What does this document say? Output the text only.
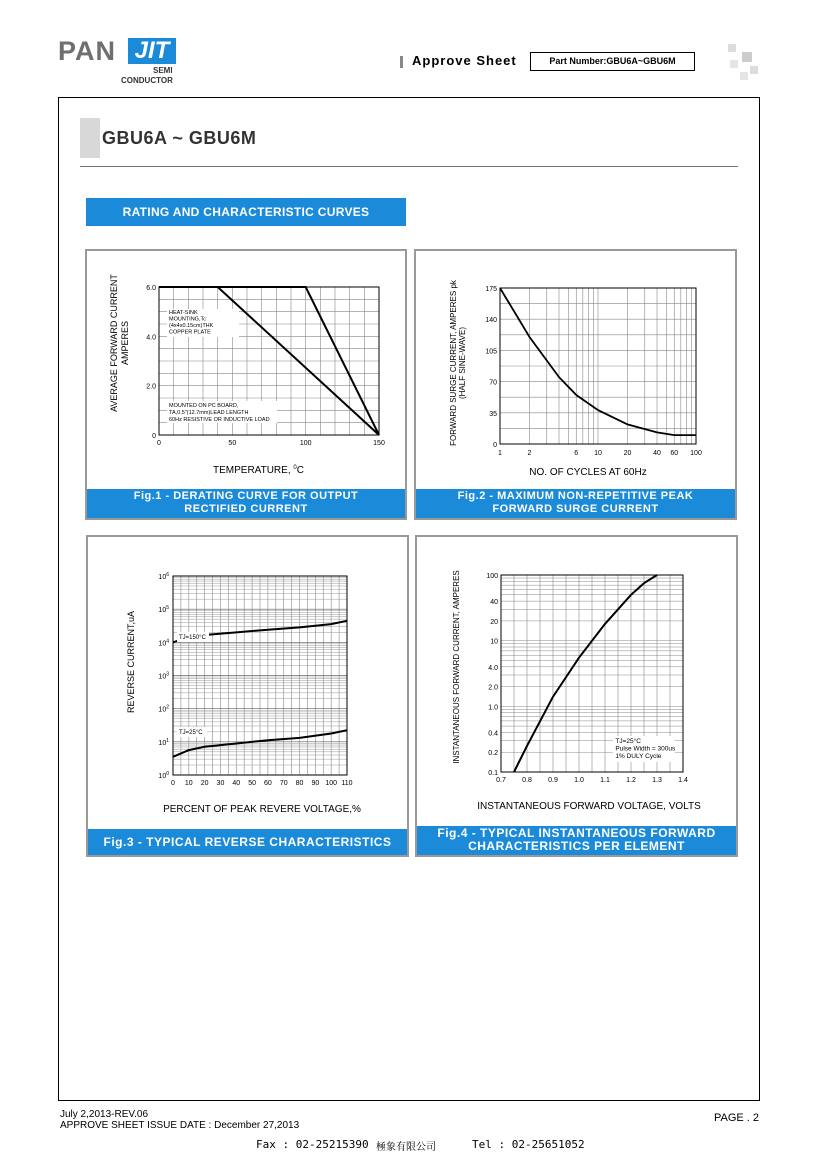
PAN JIT
SEMI
CONDUCTOR
Approve Sheet	Part Number:GBU6A~GBU6M
GBU6A ~ GBU6M
RATING AND CHARACTERISTIC CURVES
0	50	100	150
0
2.0
4.0
6.0
AVERAGE FORWARD CURRENT AMPERES
TEMPERATURE, $^0$C
HEAT-SINK
MOUNTING,Tc
(4x4x0.15cm)THK
COPPER PLATE
MOUNTED ON PC BOARD,
TA,0.5"(12.7mm)LEAD LENGTH
60Hz RESISTIVE OR INDUCTIVE LOAD
Fig.1 - DERATING CURVE FOR OUTPUT
RECTIFIED CURRENT
1	2	6 10	20	40 60 100
0
35
70
105
140
175
FORWARD SURGE CURRENT, AMPERES pk (HALF SINE-WAVE)
NO. OF CYCLES AT 60Hz
Fig.2 - MAXIMUM NON-REPETITIVE PEAK
FORWARD SURGE CURRENT
0 10 20 30 40 50 60 70 80 90 100 110
$10^0$
$10^1$
$10^2$
$10^3$
$10^4$
$10^5$
$10^6$
TJ=150°C
TJ=25°C
REVERSE CURRENT,uA
PERCENT OF PEAK REVERE VOLTAGE,%
Fig.3 - TYPICAL REVERSE CHARACTERISTICS
0.7 0.8 0.9 1.0 1.1 1.2 1.3 1.4
0.1
0.2
0.4
1.0
2.0
4.0
10
20
40
100
INSTANTANEOUS FORWARD CURRENT, AMPERES
INSTANTANEOUS FORWARD VOLTAGE, VOLTS
TJ=25°C
Pulse Width = 300us
1% DULY Cycle
Fig.4 - TYPICAL INSTANTANEOUS FORWARD
CHARACTERISTICS PER ELEMENT
July 2,2013-REV.06
APPROVE SHEET ISSUE DATE : December 27,2013
PAGE . 2
Fax : 02-25215390 極象有限公司	Tel : 02-25651052
